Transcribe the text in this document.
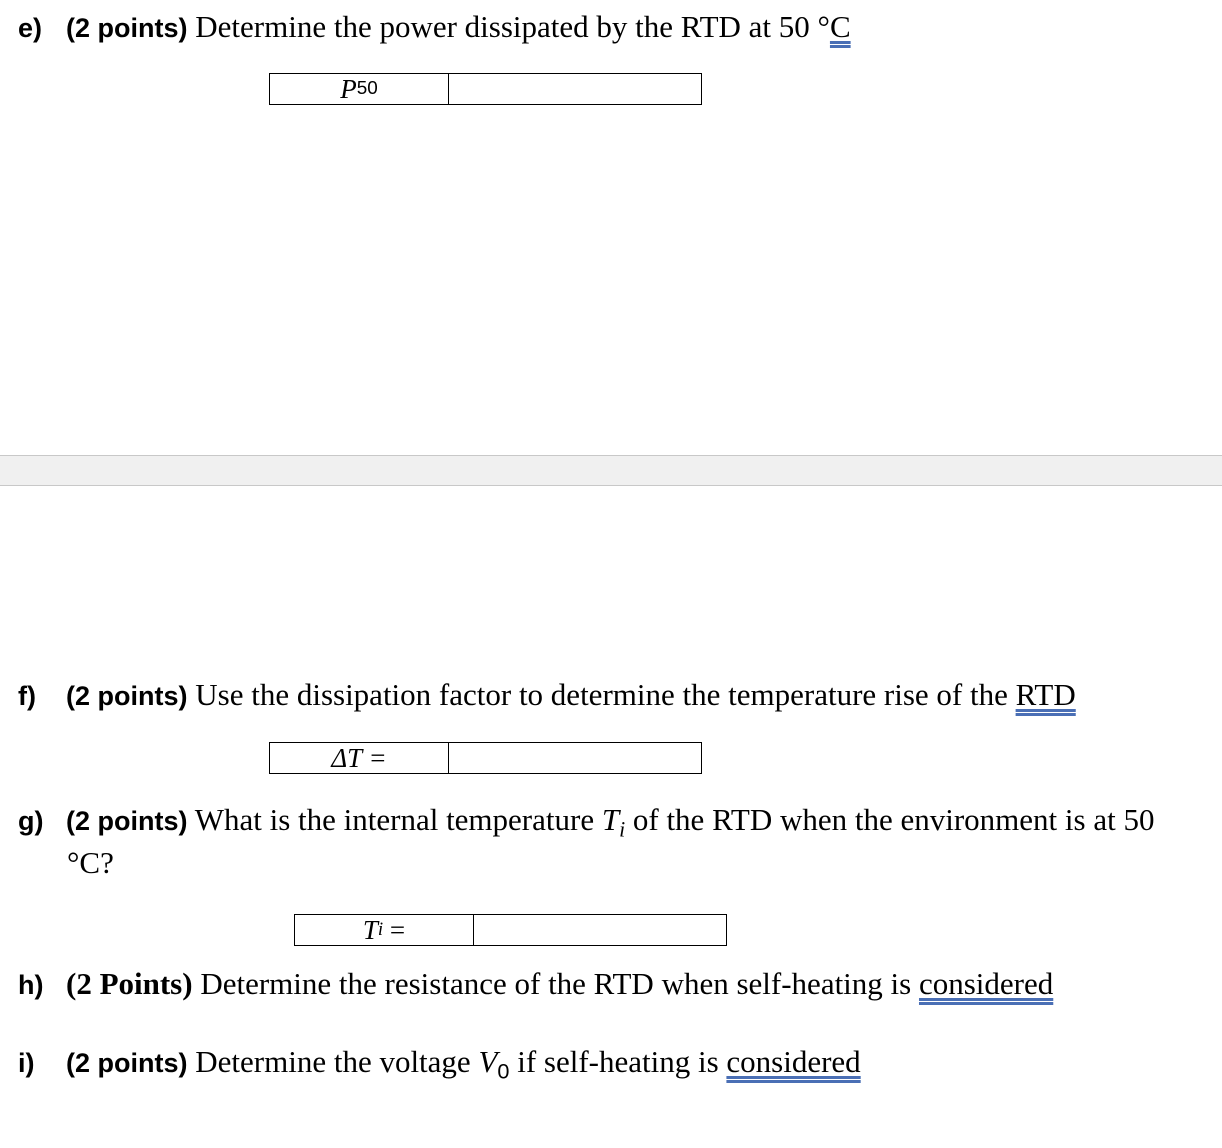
e) (2 points) Determine the power dissipated by the RTD at 50 °C
P 50
f) (2 points) Use the dissipation factor to determine the temperature rise of the RTD
ΔT =
g) (2 points) What is the internal temperature $T_i$ of the RTD when the environment is at 50
°C?
T i
=
h) (2 Points) Determine the resistance of the RTD when self-heating is considered
i) (2 points) Determine the voltage $V_0$ if self-heating is considered
